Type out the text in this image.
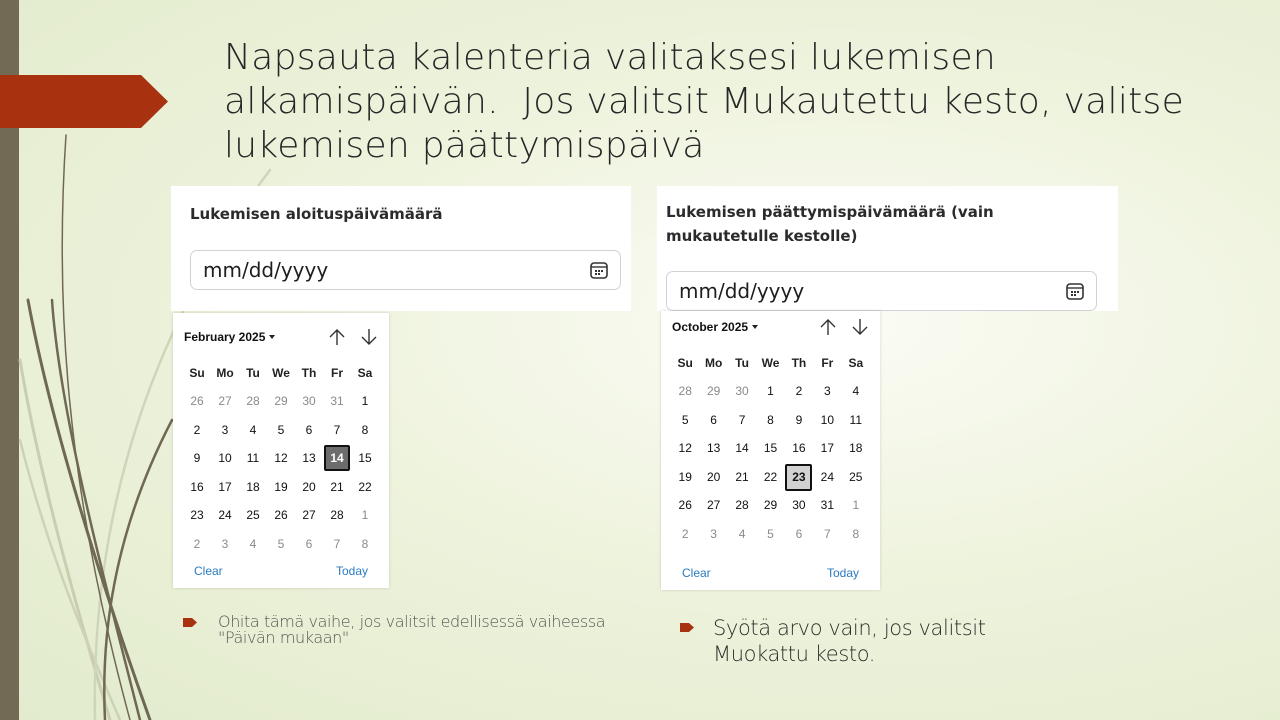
Napsauta kalenteria valitaksesi lukemisen
alkamispäivän.  Jos valitsit Mukautettu kesto, valitse
lukemisen päättymispäivä
Lukemisen aloituspäivämäärä
mm/dd/yyyy
Lukemisen päättymispäivämäärä (vain
mukautetulle kestolle)
mm/dd/yyyy
February 2025
Su Mo	Tu	We Th	Fr	Sa
26	27	28	29	30	31	1
2	3	4	5	6	7	8
9	10	11	12	13	14	15
16	17	18	19	20	21	22
23	24	25	26	27	28	1
2	3	4	5	6	7	8
Clear	Today
October 2025
Su	Mo	Tu	We	Th	Fr	Sa
28	29	30	1	2	3	4
5	6	7	8	9	10	11
12	13	14	15	16	17	18
19	20	21	22	23	24	25
26	27	28	29	30	31	1
2	3	4	5	6	7	8
Clear	Today
Ohita tämä vaihe, jos valitsit edellisessä vaiheessa "Päivän mukaan"	Syötä arvo vain, jos valitsit Muokattu kesto.
